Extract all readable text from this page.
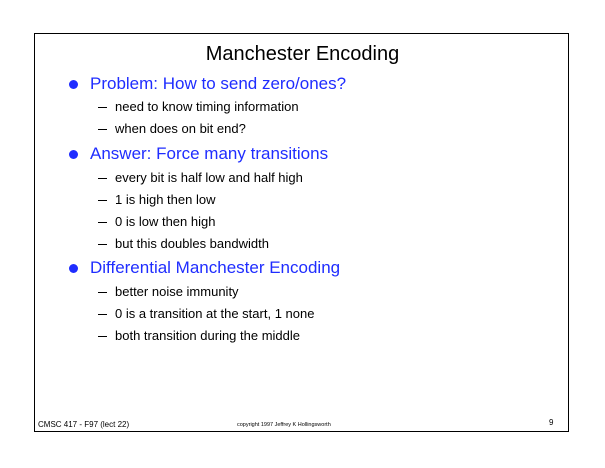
Manchester Encoding
Problem: How to send zero/ones?
need to know timing information
when does on bit end?
Answer: Force many transitions
every bit is half low and half high
1 is high then low
0 is low then high
but this doubles bandwidth
Differential Manchester Encoding
better noise immunity
0 is a transition at the start, 1 none
both transition during the middle
CMSC 417 - F97 (lect 22)	copyright 1997 Jeffrey K Hollingsworth	9
